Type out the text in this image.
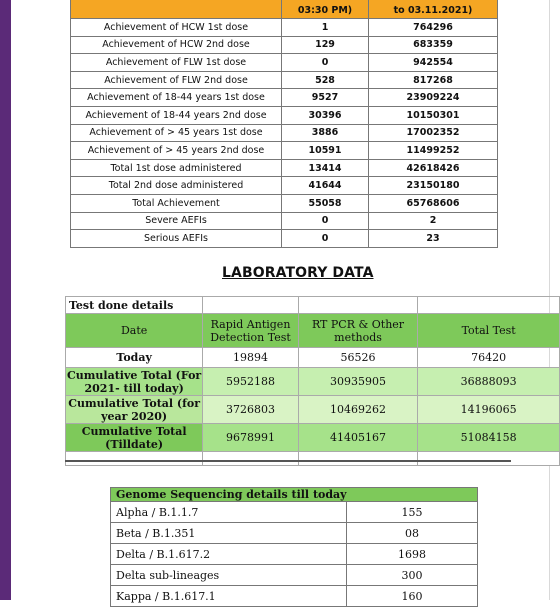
	03:30 PM)	to 03.11.2021)
Achievement of HCW 1st dose	1	764296
Achievement of HCW 2nd dose	129	683359
Achievement of FLW 1st dose	0	942554
Achievement of FLW 2nd dose	528	817268
Achievement of 18-44 years 1st dose	9527	23909224
Achievement of 18-44 years 2nd dose	30396	10150301
Achievement of > 45 years 1st dose	3886	17002352
Achievement of > 45 years 2nd dose	10591	11499252
Total 1st dose administered	13414	42618426
Total 2nd dose administered	41644	23150180
Total Achievement	55058	65768606
Severe AEFIs	0	2
Serious AEFIs	0	23
LABORATORY DATA
Test done details			
Date	Rapid Antigen Detection Test	RT PCR & Other methods	Total Test
Today	19894	56526	76420
Cumulative Total (For 2021- till today)	5952188	30935905	36888093
Cumulative Total (for year 2020)	3726803	10469262	14196065
Cumulative Total (Tilldate)	9678991	41405167	51084158

Genome Sequencing details till today	
Alpha / B.1.1.7	155
Beta / B.1.351	08
Delta / B.1.617.2	1698
Delta sub-lineages	300
Kappa / B.1.617.1	160
